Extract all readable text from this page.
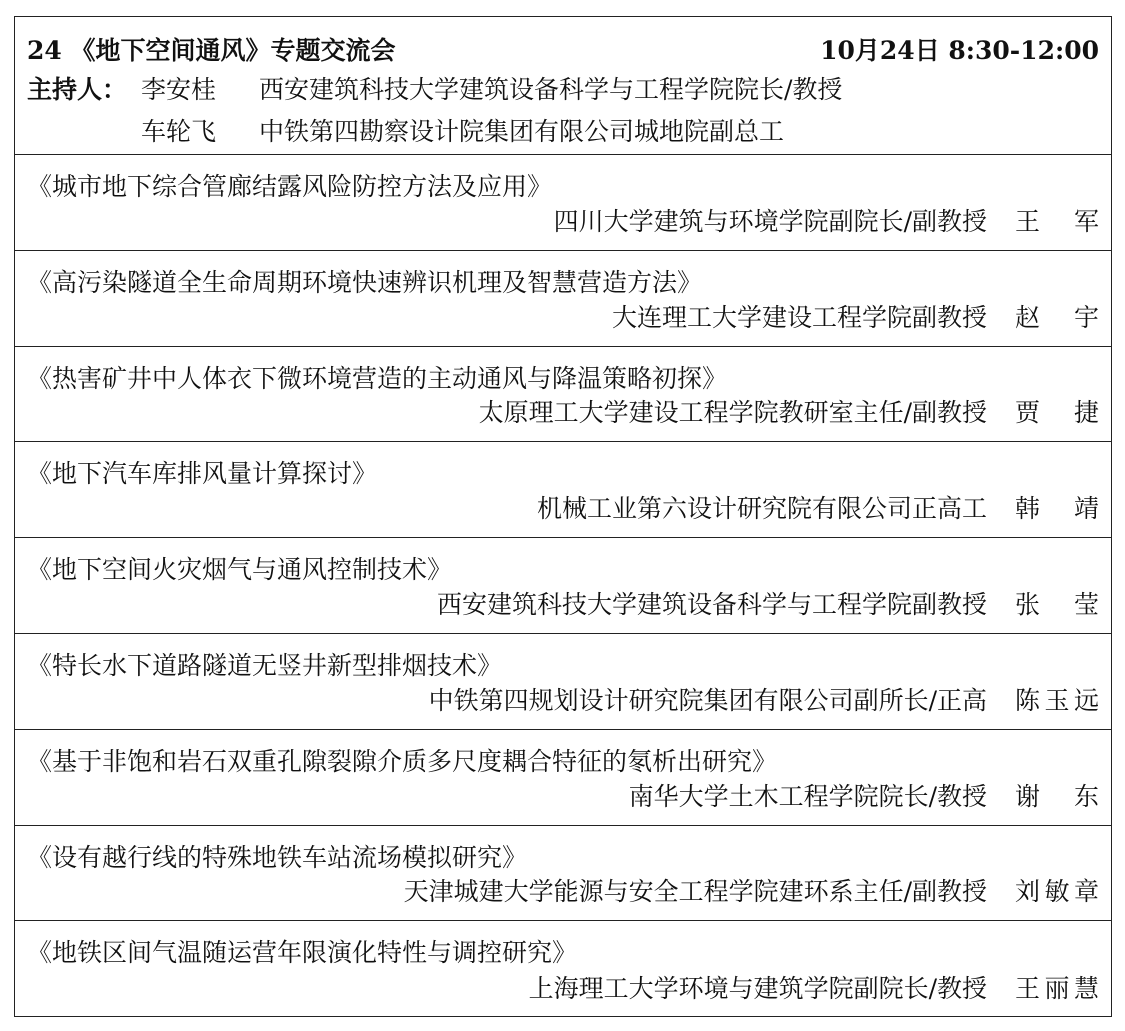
24 《地下空间通风》专题交流会	10月24日 8:30-12:00
主持人： 李安桂	西安建筑科技大学建筑设备科学与工程学院院长/教授
车轮飞	中铁第四勘察设计院集团有限公司城地院副总工
《城市地下综合管廊结露风险防控方法及应用》
四川大学建筑与环境学院副院长/副教授 王 军
《高污染隧道全生命周期环境快速辨识机理及智慧营造方法》
大连理工大学建设工程学院副教授 赵 宇
《热害矿井中人体衣下微环境营造的主动通风与降温策略初探》
太原理工大学建设工程学院教研室主任/副教授 贾 捷
《地下汽车库排风量计算探讨》
机械工业第六设计研究院有限公司正高工 韩 靖
《地下空间火灾烟气与通风控制技术》
西安建筑科技大学建筑设备科学与工程学院副教授 张 莹
《特长水下道路隧道无竖井新型排烟技术》
中铁第四规划设计研究院集团有限公司副所长/正高 陈玉远
《基于非饱和岩石双重孔隙裂隙介质多尺度耦合特征的氡析出研究》
南华大学土木工程学院院长/教授 谢 东
《设有越行线的特殊地铁车站流场模拟研究》
天津城建大学能源与安全工程学院建环系主任/副教授 刘敏章
《地铁区间气温随运营年限演化特性与调控研究》
上海理工大学环境与建筑学院副院长/教授 王丽慧
